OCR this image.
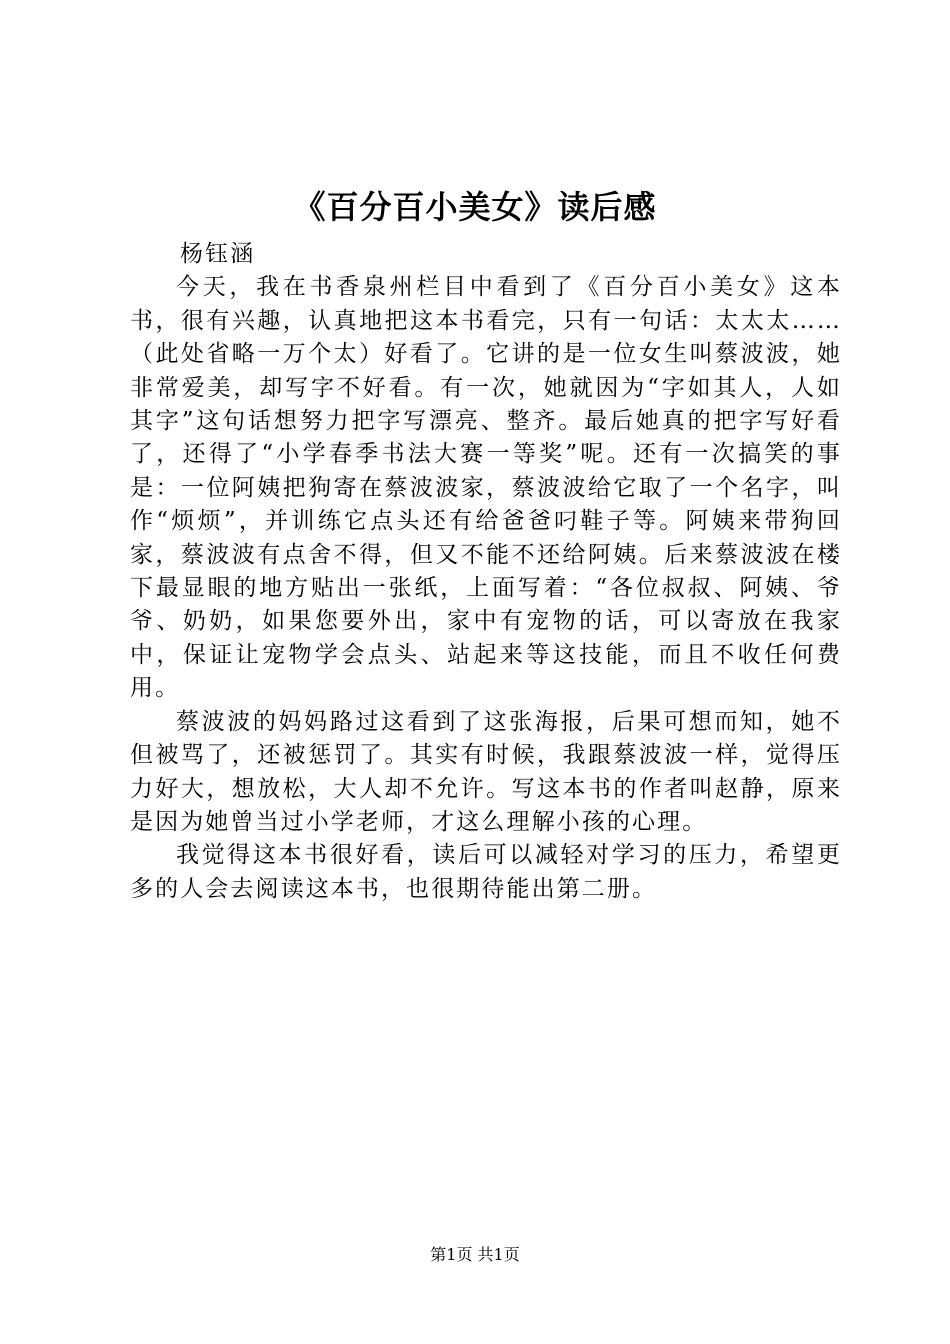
《百分百小美女》读后感
杨钰涵

今天，我在书香泉州栏目中看到了《百分百小美女》这本书，很有兴趣，认真地把这本书看完，只有一句话：太太太……（此处省略一万个太）好看了。它讲的是一位女生叫蔡波波，她非常爱美，却写字不好看。有一次，她就因为“字如其人，人如其字”这句话想努力把字写漂亮、整齐。最后她真的把字写好看了，还得了“小学春季书法大赛一等奖”呢。还有一次搞笑的事是：一位阿姨把狗寄在蔡波波家，蔡波波给它取了一个名字，叫作“烦烦”，并训练它点头还有给爸爸叼鞋子等。阿姨来带狗回家，蔡波波有点舍不得，但又不能不还给阿姨。后来蔡波波在楼下最显眼的地方贴出一张纸，上面写着：“各位叔叔、阿姨、爷爷、奶奶，如果您要外出，家中有宠物的话，可以寄放在我家中，保证让宠物学会点头、站起来等这技能，而且不收任何费用。

蔡波波的妈妈路过这看到了这张海报，后果可想而知，她不但被骂了，还被惩罚了。其实有时候，我跟蔡波波一样，觉得压力好大，想放松，大人却不允许。写这本书的作者叫赵静，原来是因为她曾当过小学老师，才这么理解小孩的心理。

我觉得这本书很好看，读后可以减轻对学习的压力，希望更多的人会去阅读这本书，也很期待能出第二册。

第1页 共1页
